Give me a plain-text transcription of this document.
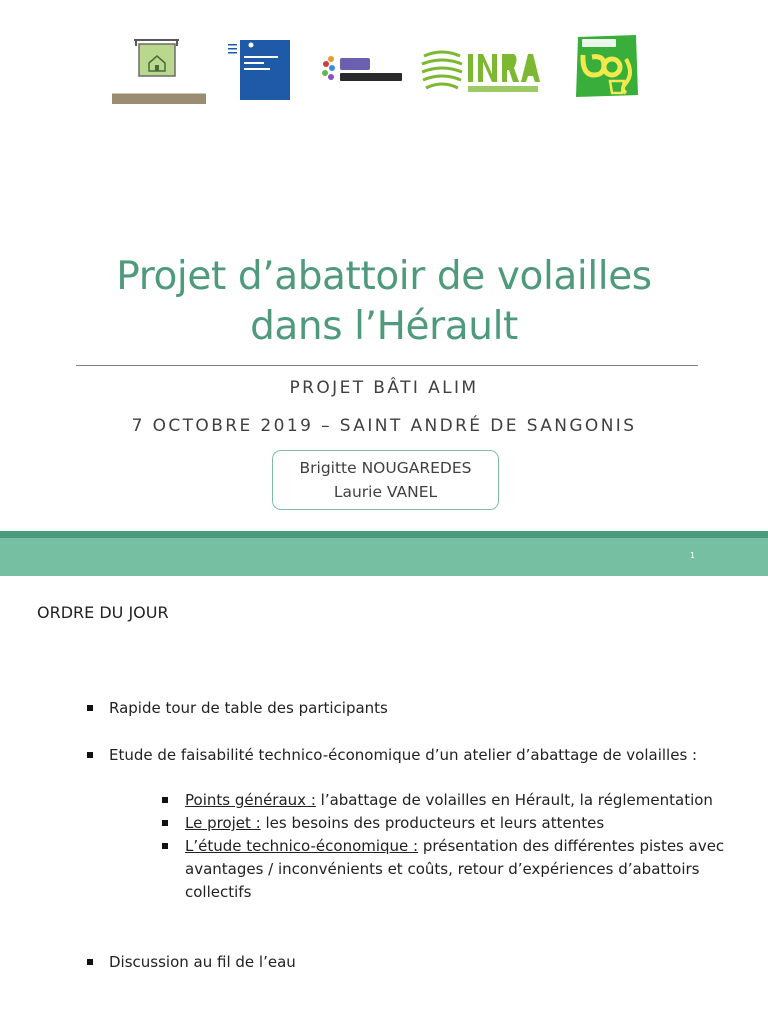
Projet d’abattoir de volailles
dans l’Hérault
PROJET BÂTI ALIM
7 OCTOBRE 2019 – SAINT ANDRÉ DE SANGONIS
Brigitte NOUGAREDES
Laurie VANEL
1
ORDRE DU JOUR
Rapide tour de table des participants
Etude de faisabilité technico-économique d’un atelier d’abattage de volailles :
Points généraux : l’abattage de volailles en Hérault, la réglementation
Le projet : les besoins des producteurs et leurs attentes
L’étude technico-économique : présentation des différentes pistes avec avantages / inconvénients et coûts, retour d’expériences d’abattoirs collectifs
Discussion au fil de l’eau
